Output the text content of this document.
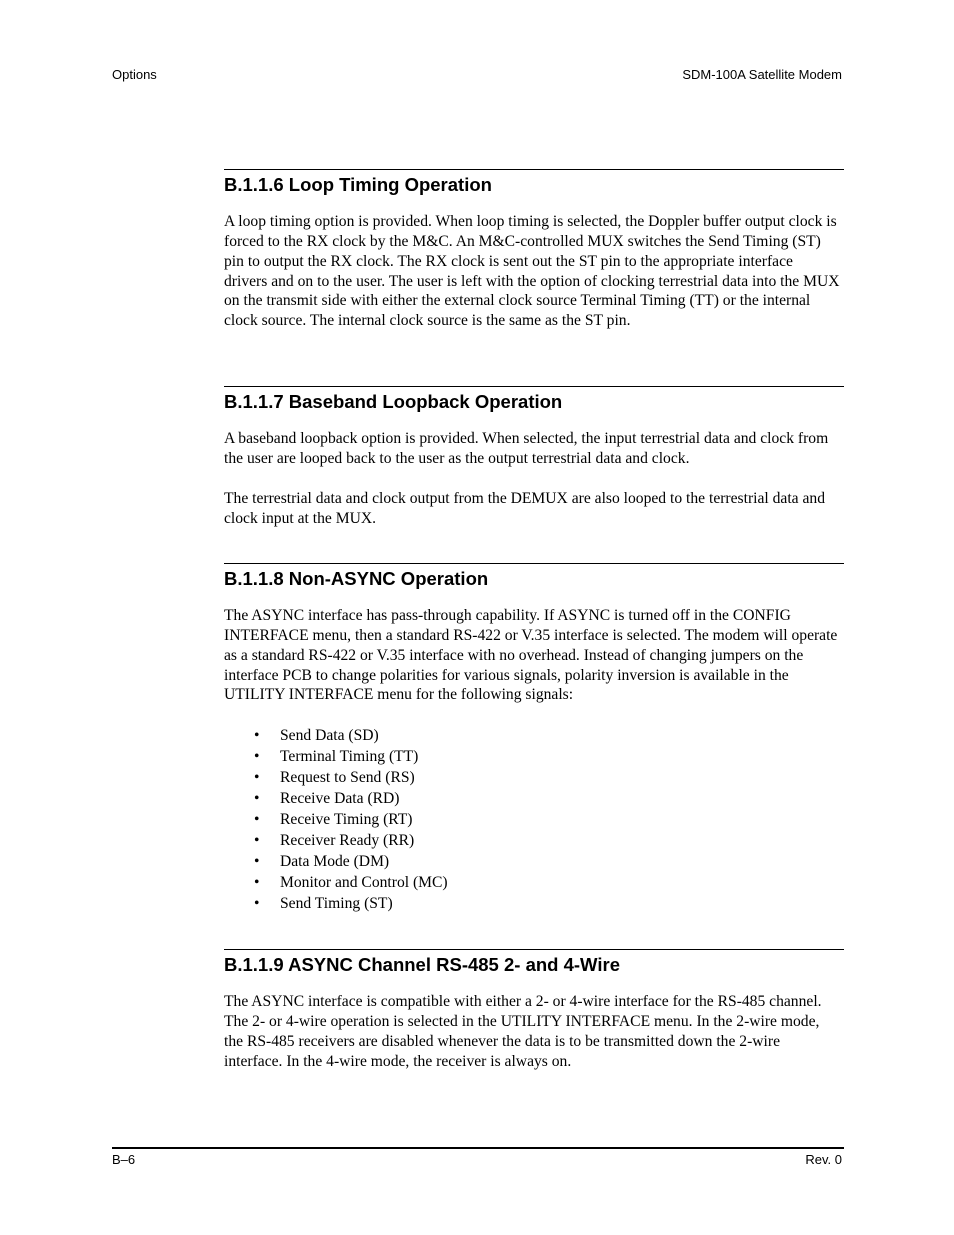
Options	SDM-100A Satellite Modem
B.1.1.6 Loop Timing Operation

A loop timing option is provided. When loop timing is selected, the Doppler buffer output clock is forced to the RX clock by the M&C. An M&C-controlled MUX switches the Send Timing (ST) pin to output the RX clock. The RX clock is sent out the ST pin to the appropriate interface drivers and on to the user. The user is left with the option of clocking terrestrial data into the MUX on the transmit side with either the external clock source Terminal Timing (TT) or the internal clock source. The internal clock source is the same as the ST pin.

B.1.1.7 Baseband Loopback Operation

A baseband loopback option is provided. When selected, the input terrestrial data and clock from the user are looped back to the user as the output terrestrial data and clock.

The terrestrial data and clock output from the DEMUX are also looped to the terrestrial data and clock input at the MUX.

B.1.1.8 Non-ASYNC Operation

The ASYNC interface has pass-through capability. If ASYNC is turned off in the CONFIG INTERFACE menu, then a standard RS-422 or V.35 interface is selected. The modem will operate as a standard RS-422 or V.35 interface with no overhead. Instead of changing jumpers on the interface PCB to change polarities for various signals, polarity inversion is available in the UTILITY INTERFACE menu for the following signals:

• Send Data (SD)
• Terminal Timing (TT)
• Request to Send (RS)
• Receive Data (RD)
• Receive Timing (RT)
• Receiver Ready (RR)
• Data Mode (DM)
• Monitor and Control (MC)
• Send Timing (ST)
B.1.1.9 ASYNC Channel RS-485 2- and 4-Wire

The ASYNC interface is compatible with either a 2- or 4-wire interface for the RS-485 channel. The 2- or 4-wire operation is selected in the UTILITY INTERFACE menu. In the 2-wire mode, the RS-485 receivers are disabled whenever the data is to be transmitted down the 2-wire interface. In the 4-wire mode, the receiver is always on.

B–6	Rev. 0
